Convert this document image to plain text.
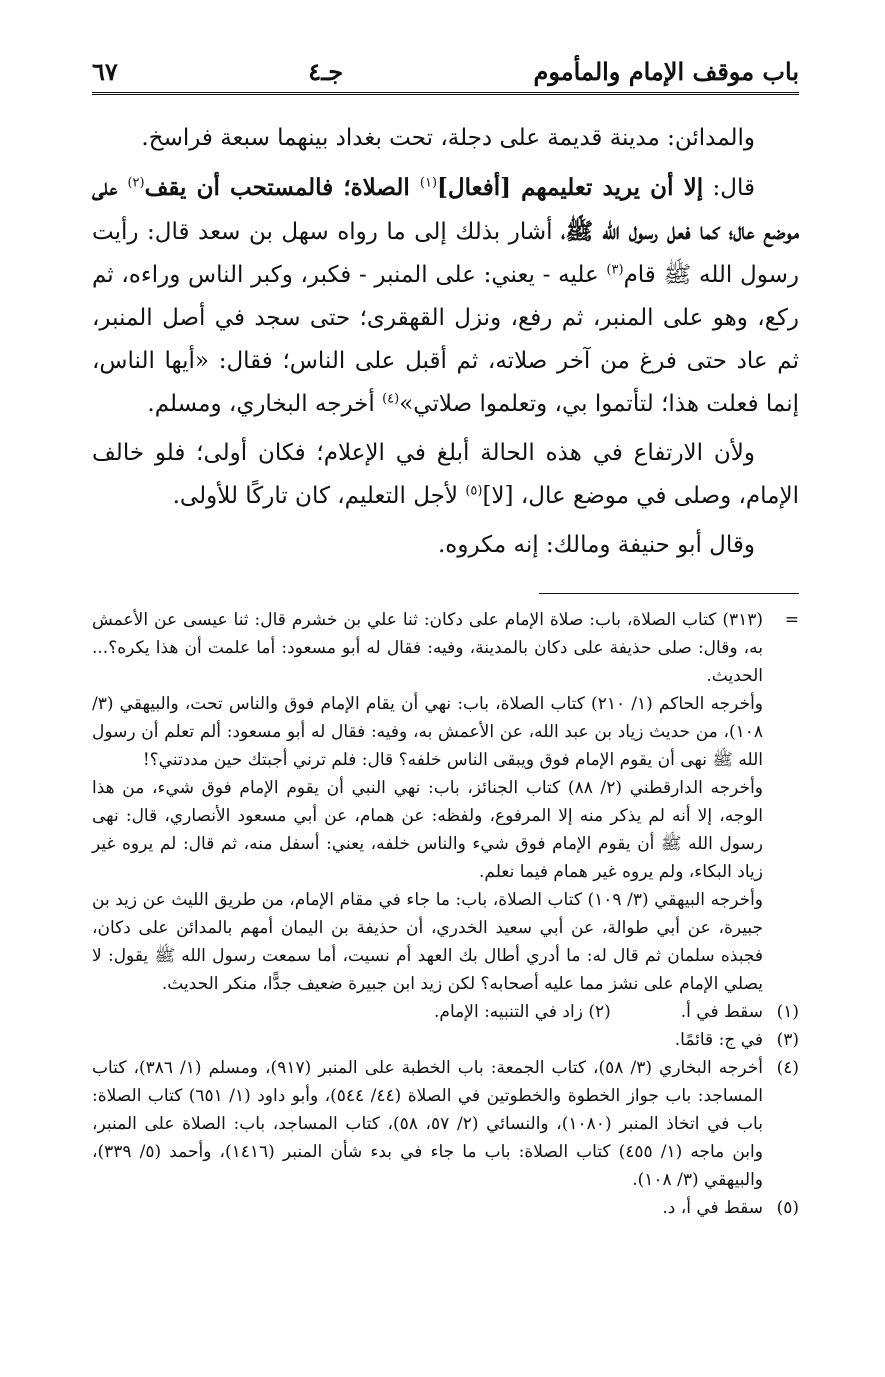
باب موقف الإمام والمأموم
جـ٤
٦٧

والمدائن: مدينة قديمة على دجلة، تحت بغداد بينهما سبعة فراسخ.

قال: إلا أن يريد تعليمهم [أفعال]$^{(١)}$ الصلاة؛ فالمستحب أن يقف$^{(٢)}$ على موضع عال؛ كما فعل رسول الله ﷺ، أشار بذلك إلى ما رواه سهل بن سعد قال: رأيت رسول الله ﷺ قام$^{(٣)}$ عليه - يعني: على المنبر - فكبر، وكبر الناس وراءه، ثم ركع، وهو على المنبر، ثم رفع، ونزل القهقرى؛ حتى سجد في أصل المنبر، ثم عاد حتى فرغ من آخر صلاته، ثم أقبل على الناس؛ فقال: «أيها الناس، إنما فعلت هذا؛ لتأتموا بي، وتعلموا صلاتي»$^{(٤)}$ أخرجه البخاري، ومسلم.

ولأن الارتفاع في هذه الحالة أبلغ في الإعلام؛ فكان أولى؛ فلو خالف الإمام، وصلى في موضع عال، [لا]$^{(٥)}$ لأجل التعليم، كان تاركًا للأولى.

وقال أبو حنيفة ومالك: إنه مكروه.

=

(٣١٣) كتاب الصلاة، باب: صلاة الإمام على دكان: ثنا علي بن خشرم قال: ثنا عيسى عن الأعمش به، وقال: صلى حذيفة على دكان بالمدينة، وفيه: فقال له أبو مسعود: أما علمت أن هذا يكره؟... الحديث.

وأخرجه الحاكم (١/ ٢١٠) كتاب الصلاة، باب: نهي أن يقام الإمام فوق والناس تحت، والبيهقي (٣/ ١٠٨)، من حديث زياد بن عبد الله، عن الأعمش به، وفيه: فقال له أبو مسعود: ألم تعلم أن رسول الله ﷺ نهى أن يقوم الإمام فوق ويبقى الناس خلفه؟ قال: فلم ترني أجبتك حين مددتني؟!

وأخرجه الدارقطني (٢/ ٨٨) كتاب الجنائز، باب: نهي النبي أن يقوم الإمام فوق شيء، من هذا الوجه، إلا أنه لم يذكر منه إلا المرفوع، ولفظه: عن همام، عن أبي مسعود الأنصاري، قال: نهى رسول الله ﷺ أن يقوم الإمام فوق شيء والناس خلفه، يعني: أسفل منه، ثم قال: لم يروه غير زياد البكاء، ولم يروه غير همام فيما نعلم.

وأخرجه البيهقي (٣/ ١٠٩) كتاب الصلاة، باب: ما جاء في مقام الإمام، من طريق الليث عن زيد بن جبيرة، عن أبي طوالة، عن أبي سعيد الخدري، أن حذيفة بن اليمان أمهم بالمدائن على دكان، فجبذه سلمان ثم قال له: ما أدري أطال بك العهد أم نسيت، أما سمعت رسول الله ﷺ يقول: لا يصلي الإمام على نشز مما عليه أصحابه؟ لكن زيد ابن جبيرة ضعيف جدًّا، منكر الحديث.

(١)
سقط في أ.
(٢)

زاد في التنبيه: الإمام.
(٣)
في ج: قائمًا.
(٤)
أخرجه البخاري (٣/ ٥٨)، كتاب الجمعة: باب الخطبة على المنبر (٩١٧)، ومسلم (١/ ٣٨٦)، كتاب المساجد: باب جواز الخطوة والخطوتين في الصلاة (٤٤/ ٥٤٤)، وأبو داود (١/ ٦٥١) كتاب الصلاة: باب في اتخاذ المنبر (١٠٨٠)، والنسائي (٢/ ٥٧، ٥٨)، كتاب المساجد، باب: الصلاة على المنبر، وابن ماجه (١/ ٤٥٥) كتاب الصلاة: باب ما جاء في بدء شأن المنبر (١٤١٦)، وأحمد (٥/ ٣٣٩)، والبيهقي (٣/ ١٠٨).
(٥)
سقط في أ، د.
